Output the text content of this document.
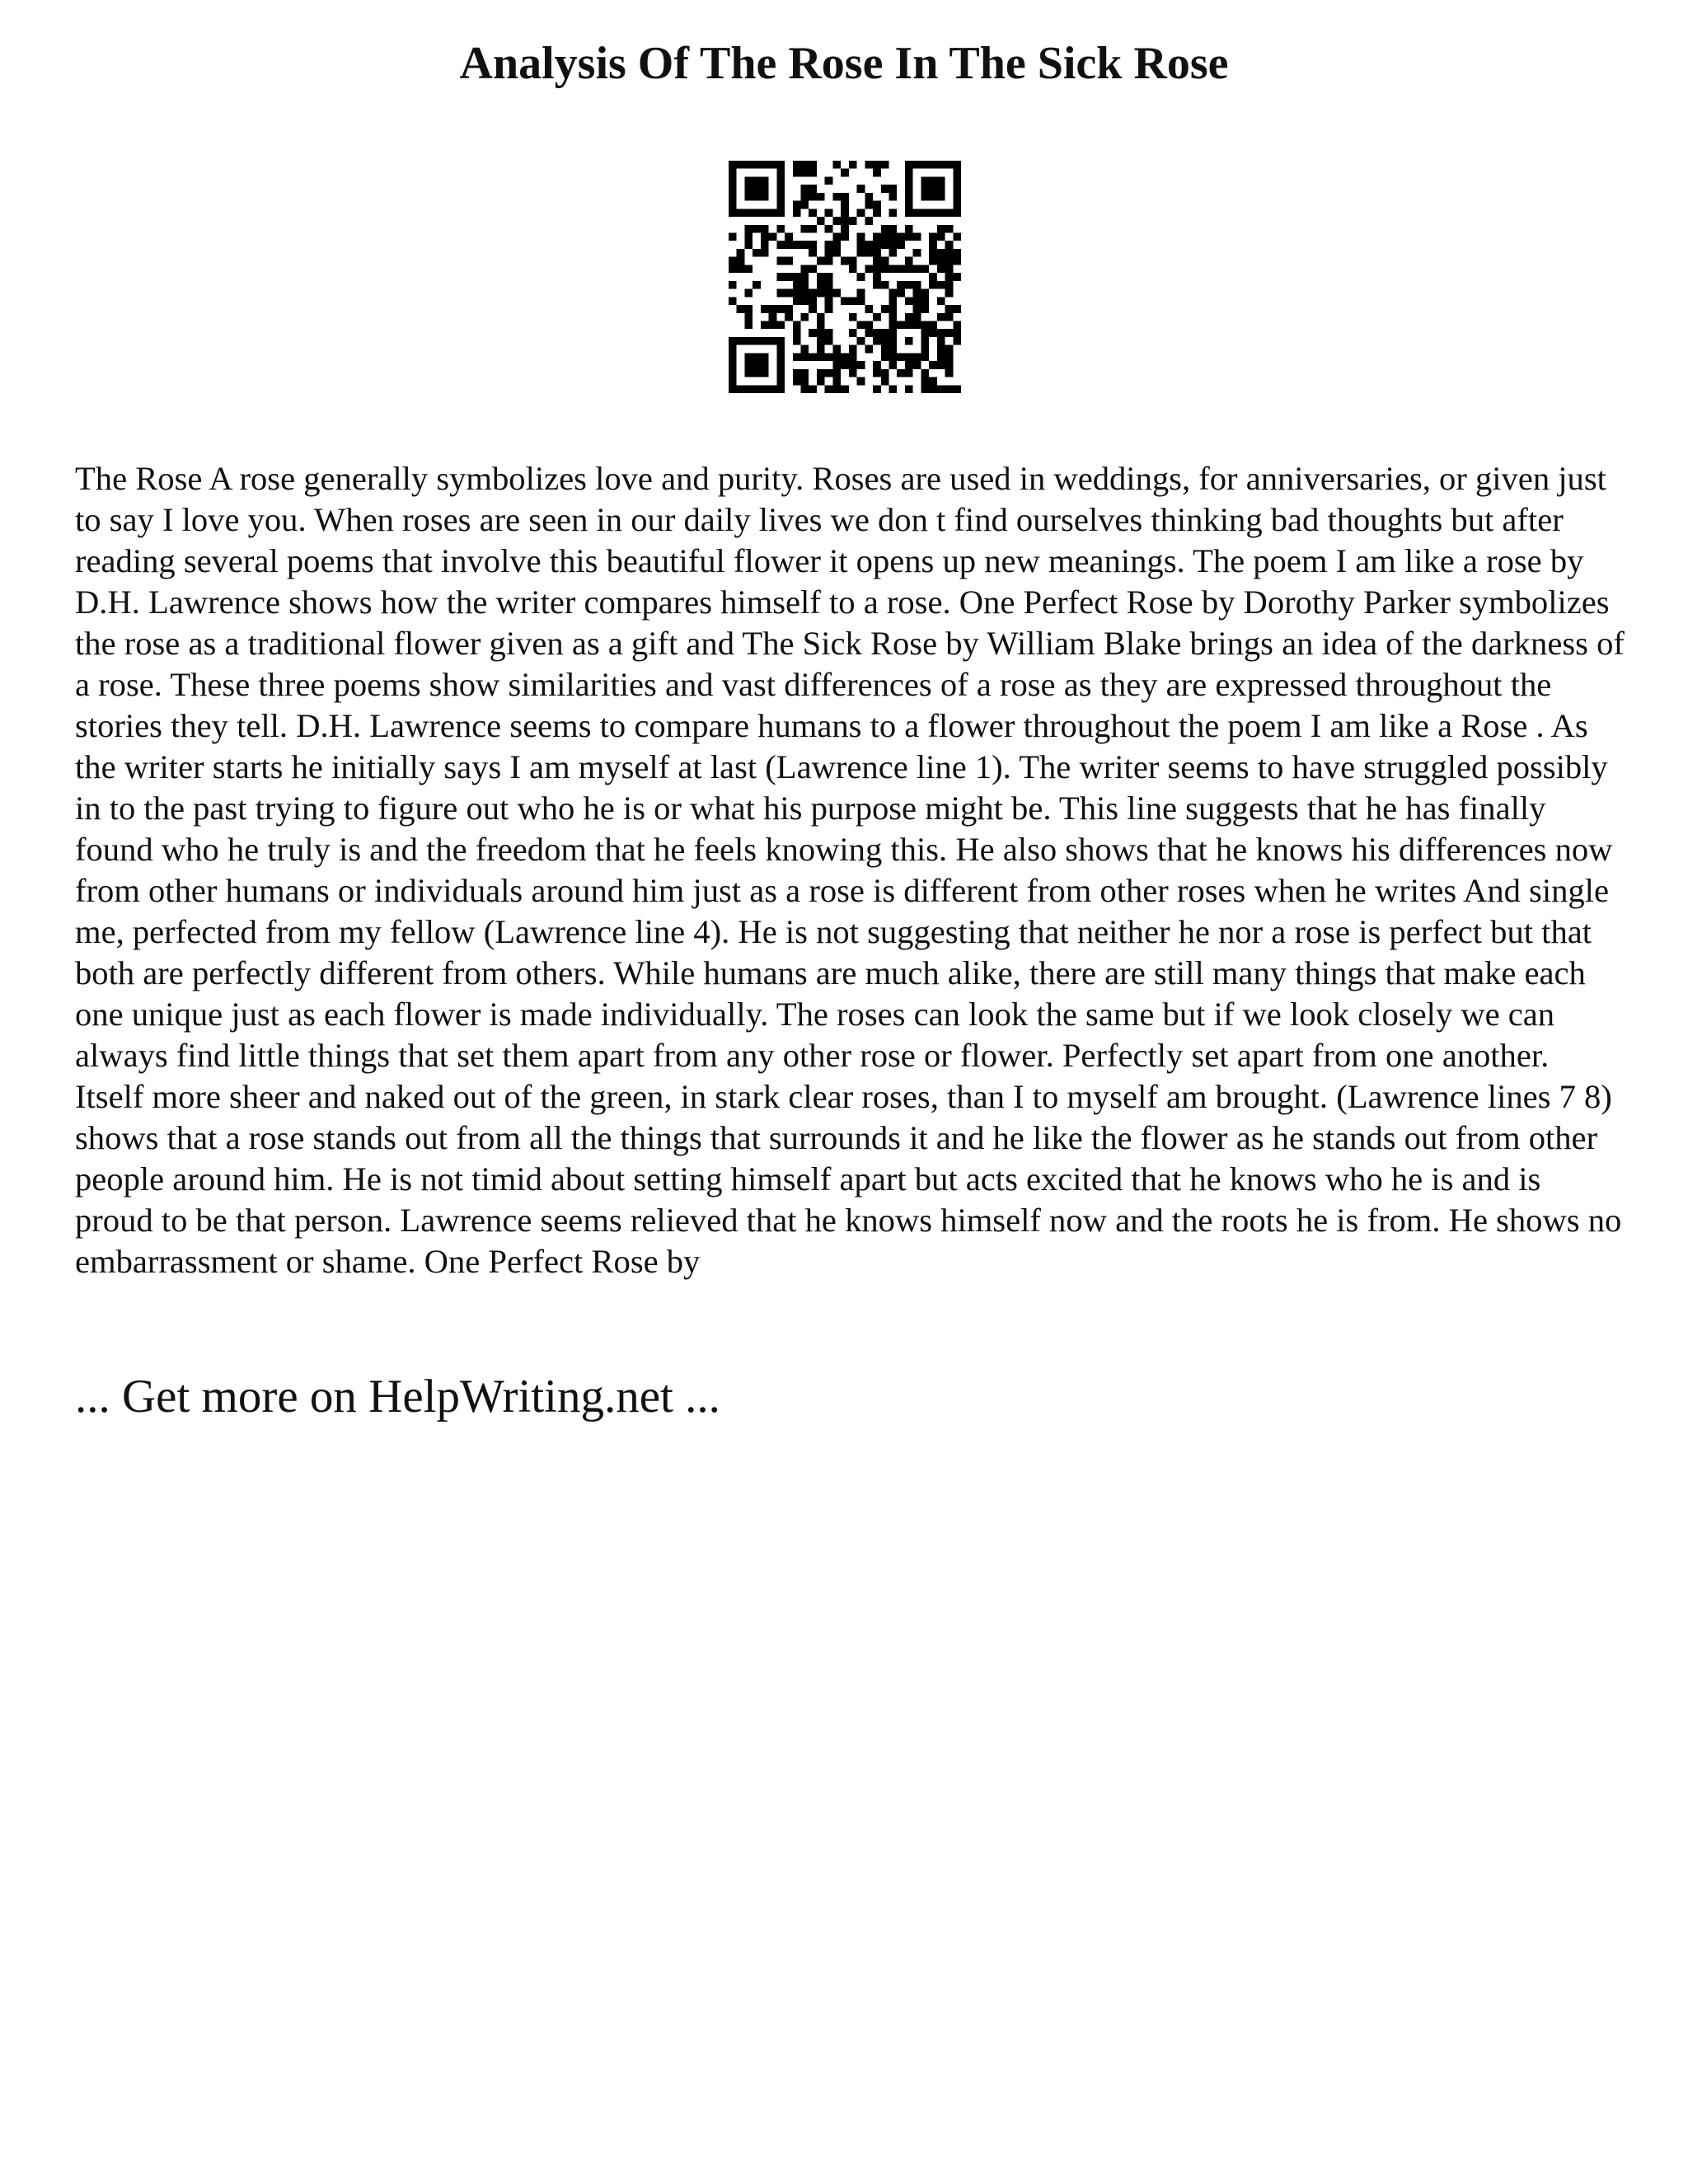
Analysis Of The Rose In The Sick Rose

The Rose A rose generally symbolizes love and purity. Roses are used in weddings, for anniversaries, or given just to say I love you. When roses are seen in our daily lives we don t find ourselves thinking bad thoughts but after reading several poems that involve this beautiful flower it opens up new meanings. The poem I am like a rose by D.H. Lawrence shows how the writer compares himself to a rose. One Perfect Rose by Dorothy Parker symbolizes the rose as a traditional flower given as a gift and The Sick Rose by William Blake brings an idea of the darkness of a rose. These three poems show similarities and vast differences of a rose as they are expressed throughout the stories they tell. D.H. Lawrence seems to compare humans to a flower throughout the poem I am like a Rose . As the writer starts he initially says I am myself at last (Lawrence line 1). The writer seems to have struggled possibly in to the past trying to figure out who he is or what his purpose might be. This line suggests that he has finally found who he truly is and the freedom that he feels knowing this. He also shows that he knows his differences now from other humans or individuals around him just as a rose is different from other roses when he writes And single me, perfected from my fellow (Lawrence line 4). He is not suggesting that neither he nor a rose is perfect but that both are perfectly different from others. While humans are much alike, there are still many things that make each one unique just as each flower is made individually. The roses can look the same but if we look closely we can always find little things that set them apart from any other rose or flower. Perfectly set apart from one another. Itself more sheer and naked out of the green, in stark clear roses, than I to myself am brought. (Lawrence lines 7 8) shows that a rose stands out from all the things that surrounds it and he like the flower as he stands out from other people around him. He is not timid about setting himself apart but acts excited that he knows who he is and is proud to be that person. Lawrence seems relieved that he knows himself now and the roots he is from. He shows no embarrassment or shame. One Perfect Rose by

... Get more on HelpWriting.net ...
